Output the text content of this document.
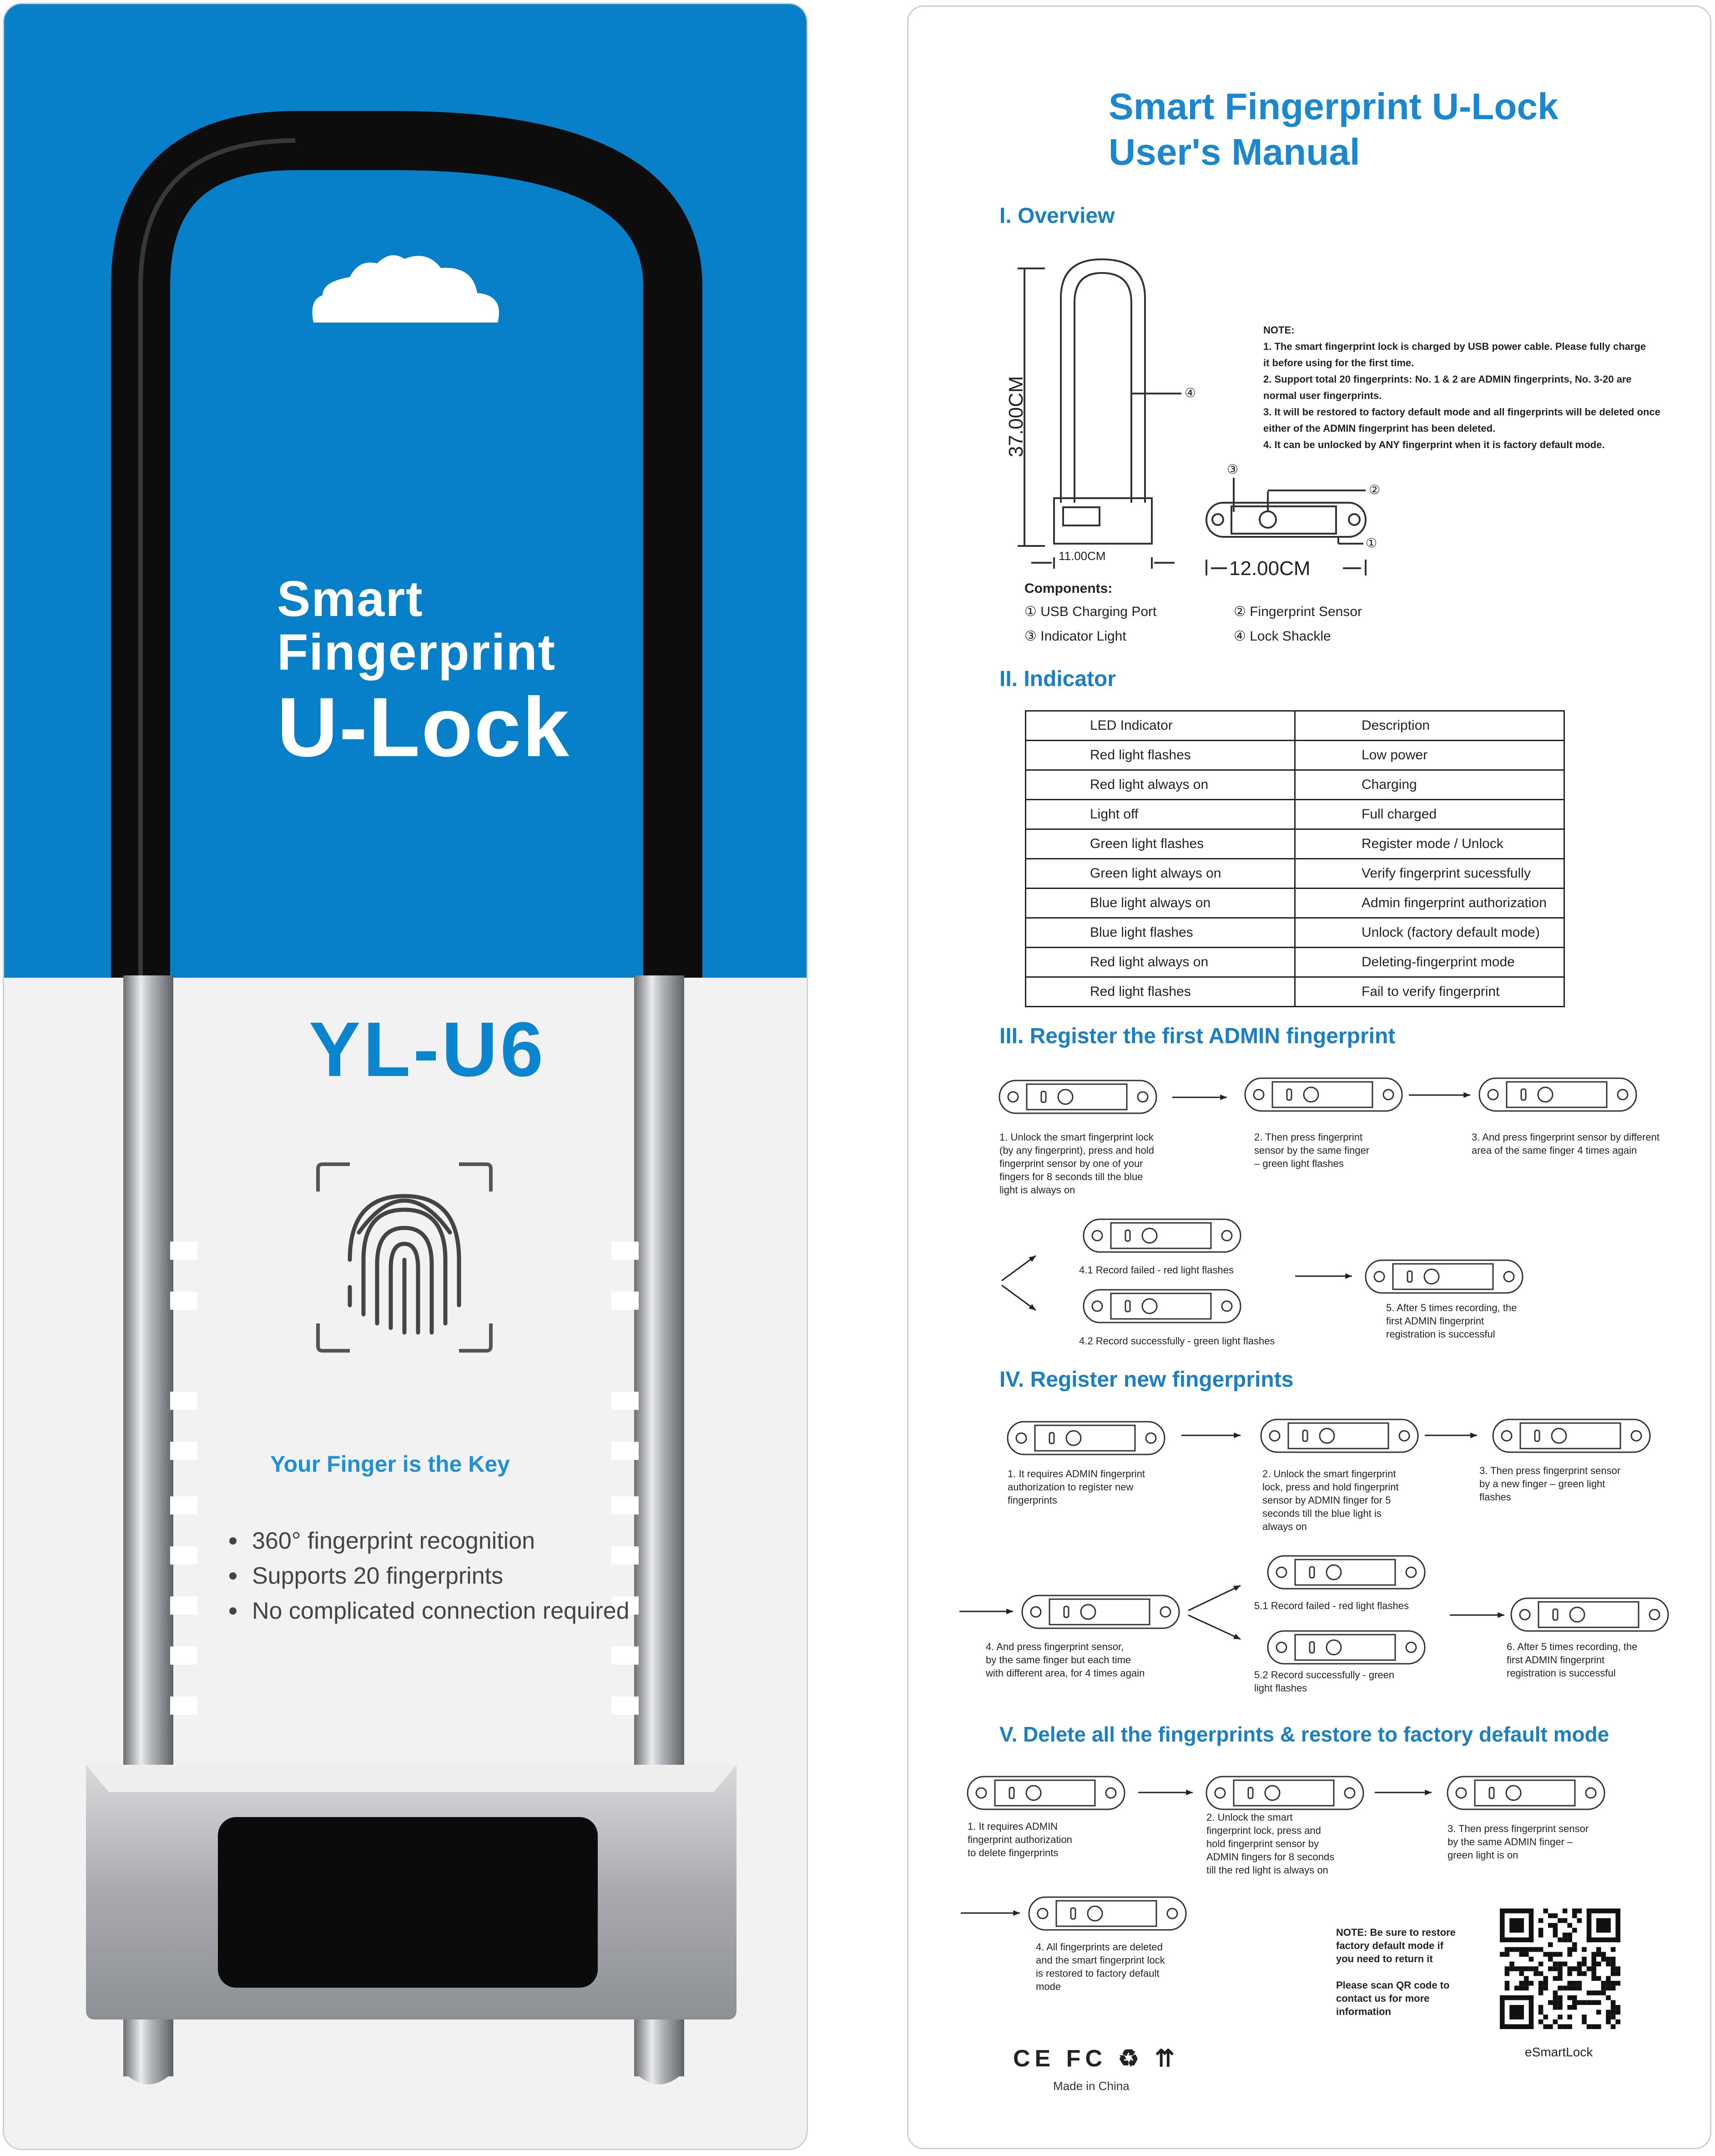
Smart
Fingerprint
U-Lock
YL-U6
Your Finger is the Key
360° fingerprint recognition
Supports 20 fingerprints
No complicated connection required
Smart Fingerprint U-Lock
User's Manual
I. Overview
37.00CM
11.00CM
12.00CM
④
③
②
①
NOTE:
1. The smart fingerprint lock is charged by USB power cable. Please fully charge
it before using for the first time.
2. Support total 20 fingerprints: No. 1 & 2 are ADMIN fingerprints, No. 3-20 are
normal user fingerprints.
3. It will be restored to factory default mode and all fingerprints will be deleted once
either of the ADMIN fingerprint has been deleted.
4. It can be unlocked by ANY fingerprint when it is factory default mode.
Components:
① USB Charging Port	② Fingerprint Sensor
③ Indicator Light	④ Lock Shackle
II. Indicator
LED Indicator	Description
Red light flashes	Low power
Red light always on	Charging
Light off	Full charged
Green light flashes	Register mode / Unlock
Green light always on	Verify fingerprint sucessfully
Blue light always on	Admin fingerprint authorization
Blue light flashes	Unlock (factory default mode)
Red light always on	Deleting-fingerprint mode
Red light flashes	Fail to verify fingerprint
III. Register the first ADMIN fingerprint
IV. Register new fingerprints
V. Delete all the fingerprints & restore to factory default mode
1. Unlock the smart fingerprint lock
(by any fingerprint), press and hold
fingerprint sensor by one of your
fingers for 8 seconds till the blue
light is always on
2. Then press fingerprint
sensor by the same finger
– green light flashes
3. And press fingerprint sensor by different
area of the same finger 4 times again
4.1 Record failed - red light flashes
4.2 Record successfully - green light flashes
5. After 5 times recording, the
first ADMIN fingerprint
registration is successful
1. It requires ADMIN fingerprint
authorization to register new
fingerprints
2. Unlock the smart fingerprint
lock, press and hold fingerprint
sensor by ADMIN finger for 5
seconds till the blue light is
always on
3. Then press fingerprint sensor
by a new finger – green light
flashes
4. And press fingerprint sensor,
by the same finger but each time
with different area, for 4 times again
5.1 Record failed - red light flashes
5.2 Record successfully - green
light flashes
6. After 5 times recording, the
first ADMIN fingerprint
registration is successful
1. It requires ADMIN
fingerprint authorization
to delete fingerprints
2. Unlock the smart
fingerprint lock, press and
hold fingerprint sensor by
ADMIN fingers for 8 seconds
till the red light is always on
3. Then press fingerprint sensor
by the same ADMIN finger –
green light is on
4. All fingerprints are deleted
and the smart fingerprint lock
is restored to factory default
mode
NOTE: Be sure to restore
factory default mode if
you need to return it

Please scan QR code to
contact us for more
information
eSmartLock
CE FC ♻ ⇈
Made in China
